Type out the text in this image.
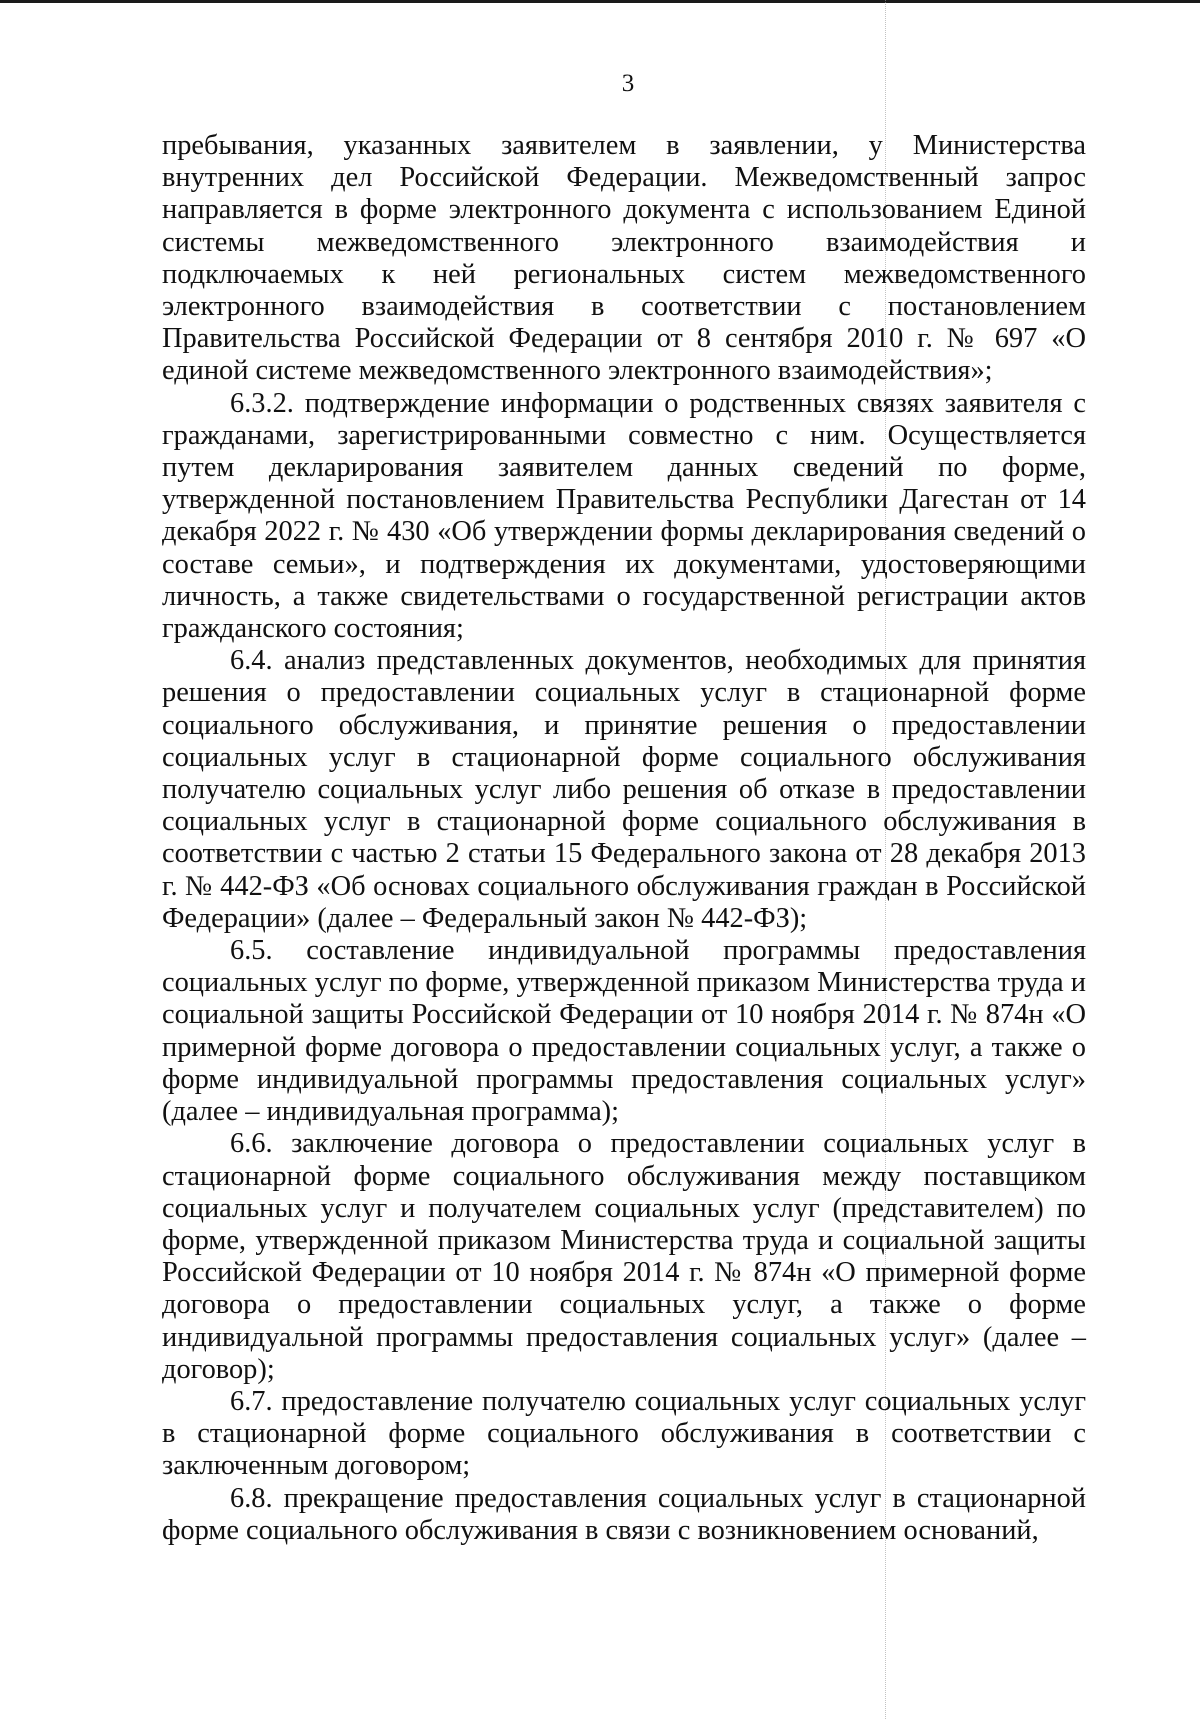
3

пребывания, указанных заявителем в заявлении, у Министерства внутренних дел Российской Федерации. Межведомственный запрос направляется в форме электронного документа с использованием Единой системы межведомственного электронного взаимодействия и подключаемых к ней региональных систем межведомственного электронного взаимодействия в соответствии с постановлением Правительства Российской Федерации от 8 сентября 2010 г. № 697 «О единой системе межведомственного электронного взаимодействия»;

6.3.2. подтверждение информации о родственных связях заявителя с гражданами, зарегистрированными совместно с ним. Осуществляется путем декларирования заявителем данных сведений по форме, утвержденной постановлением Правительства Республики Дагестан от 14 декабря 2022 г. № 430 «Об утверждении формы декларирования сведений о составе семьи», и подтверждения их документами, удостоверяющими личность, а также свидетельствами о государственной регистрации актов гражданского состояния;

6.4. анализ представленных документов, необходимых для принятия решения о предоставлении социальных услуг в стационарной форме социального обслуживания, и принятие решения о предоставлении социальных услуг в стационарной форме социального обслуживания получателю социальных услуг либо решения об отказе в предоставлении социальных услуг в стационарной форме социального обслуживания в соответствии с частью 2 статьи 15 Федерального закона от 28 декабря 2013 г. № 442-ФЗ «Об основах социального обслуживания граждан в Российской Федерации» (далее – Федеральный закон № 442-ФЗ);

6.5. составление индивидуальной программы предоставления социальных услуг по форме, утвержденной приказом Министерства труда и социальной защиты Российской Федерации от 10 ноября 2014 г. № 874н «О примерной форме договора о предоставлении социальных услуг, а также о форме индивидуальной программы предоставления социальных услуг» (далее – индивидуальная программа);

6.6. заключение договора о предоставлении социальных услуг в стационарной форме социального обслуживания между поставщиком социальных услуг и получателем социальных услуг (представителем) по форме, утвержденной приказом Министерства труда и социальной защиты Российской Федерации от 10 ноября 2014 г. № 874н «О примерной форме договора о предоставлении социальных услуг, а также о форме индивидуальной программы предоставления социальных услуг» (далее – договор);

6.7. предоставление получателю социальных услуг социальных услуг в стационарной форме социального обслуживания в соответствии с заключенным договором;

6.8. прекращение предоставления социальных услуг в стационарной форме социального обслуживания в связи с возникновением оснований,
